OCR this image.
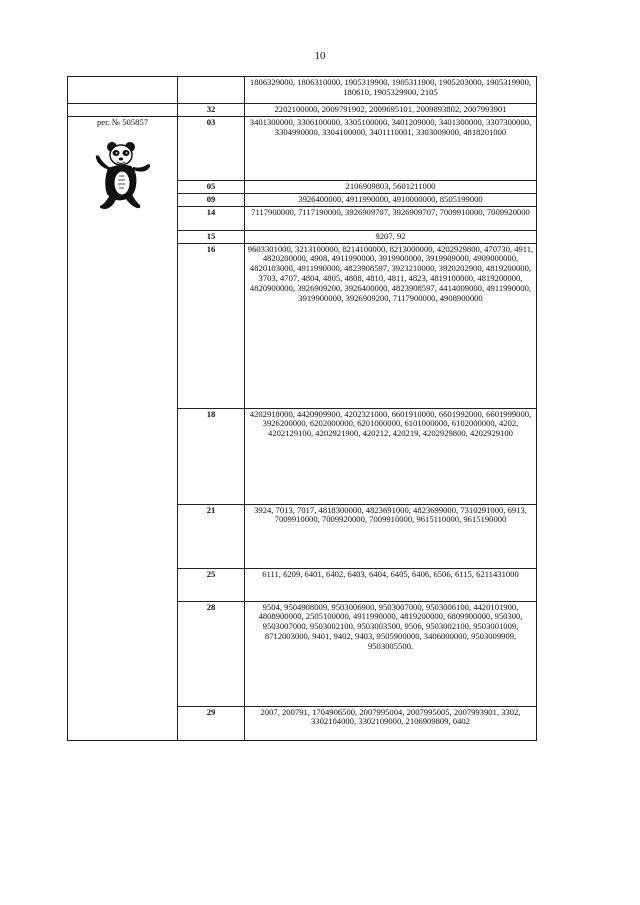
10
		1806329000, 1806310000, 1905319900, 1905311900, 1905203000, 1905319900, 180610, 1905329900, 2105
	32	2202100000, 2009791902, 2009695101, 2009893802, 2007993901

рег. № 505857	03	3401300000, 3306100000, 3305100000, 3401209000, 3401300000, 3307300000, 3304990000, 3304100000, 3401110001, 3303009000, 4818201000
	05	2106909803, 5601211000
	09	3926400000, 4911990000, 4910000000, 8505199000
	14	7117900000, 7117190000, 3926909707, 3926909707, 7009910000, 7009920000
	15	9207, 92
	16	9603301000, 3213100000, 8214100000, 8213000000, 4202929800, 470730, 4911, 4820200000, 4908, 4911990000, 3919900000, 3919909000, 4909000000, 4820103000, 4911990000, 4823908597, 3923210000, 3920202900, 4819200000, 3703, 4707, 4804, 4805, 4808, 4810, 4811, 4823, 4819100000, 4819200000, 4820900000, 3926909200, 3926400000, 4823908597, 4414009000, 4911990000, 3919900000, 3926909200, 7117900000, 4908900000
	18	4202918000, 4420909900, 4202321000, 6601910000, 6601992000, 6601999000, 3926200000, 6202000000, 6201000000, 6101000000, 6102000000, 4202, 4202129100, 4202921900, 420212, 420219, 4202929800, 4202929100
	21	3924, 7013, 7017, 4818300000, 4823691000, 4823699000, 7310291000, 6913, 7009910000, 7009920000, 7009910000, 9615110000, 9615190000
	25	6111, 6209, 6401, 6402, 6403, 6404, 6405, 6406, 6506, 6115, 6211431000
	28	9504, 9504908009, 9503006900, 9503007000, 9503006100, 4420101900, 4808900000, 2505100000, 4911990000, 4819200000, 6809900000, 950300, 9503007000, 9503002100, 9503003500, 9506, 9503002100, 9503001009, 8712003000, 9401, 9402, 9403, 9505900000, 3406000000, 9503009909, 9503005500.
	29	2007, 200791, 1704906500, 2007995004, 2007995005, 2007993901, 3302, 3302104000, 3302109000, 2106909809, 0402
